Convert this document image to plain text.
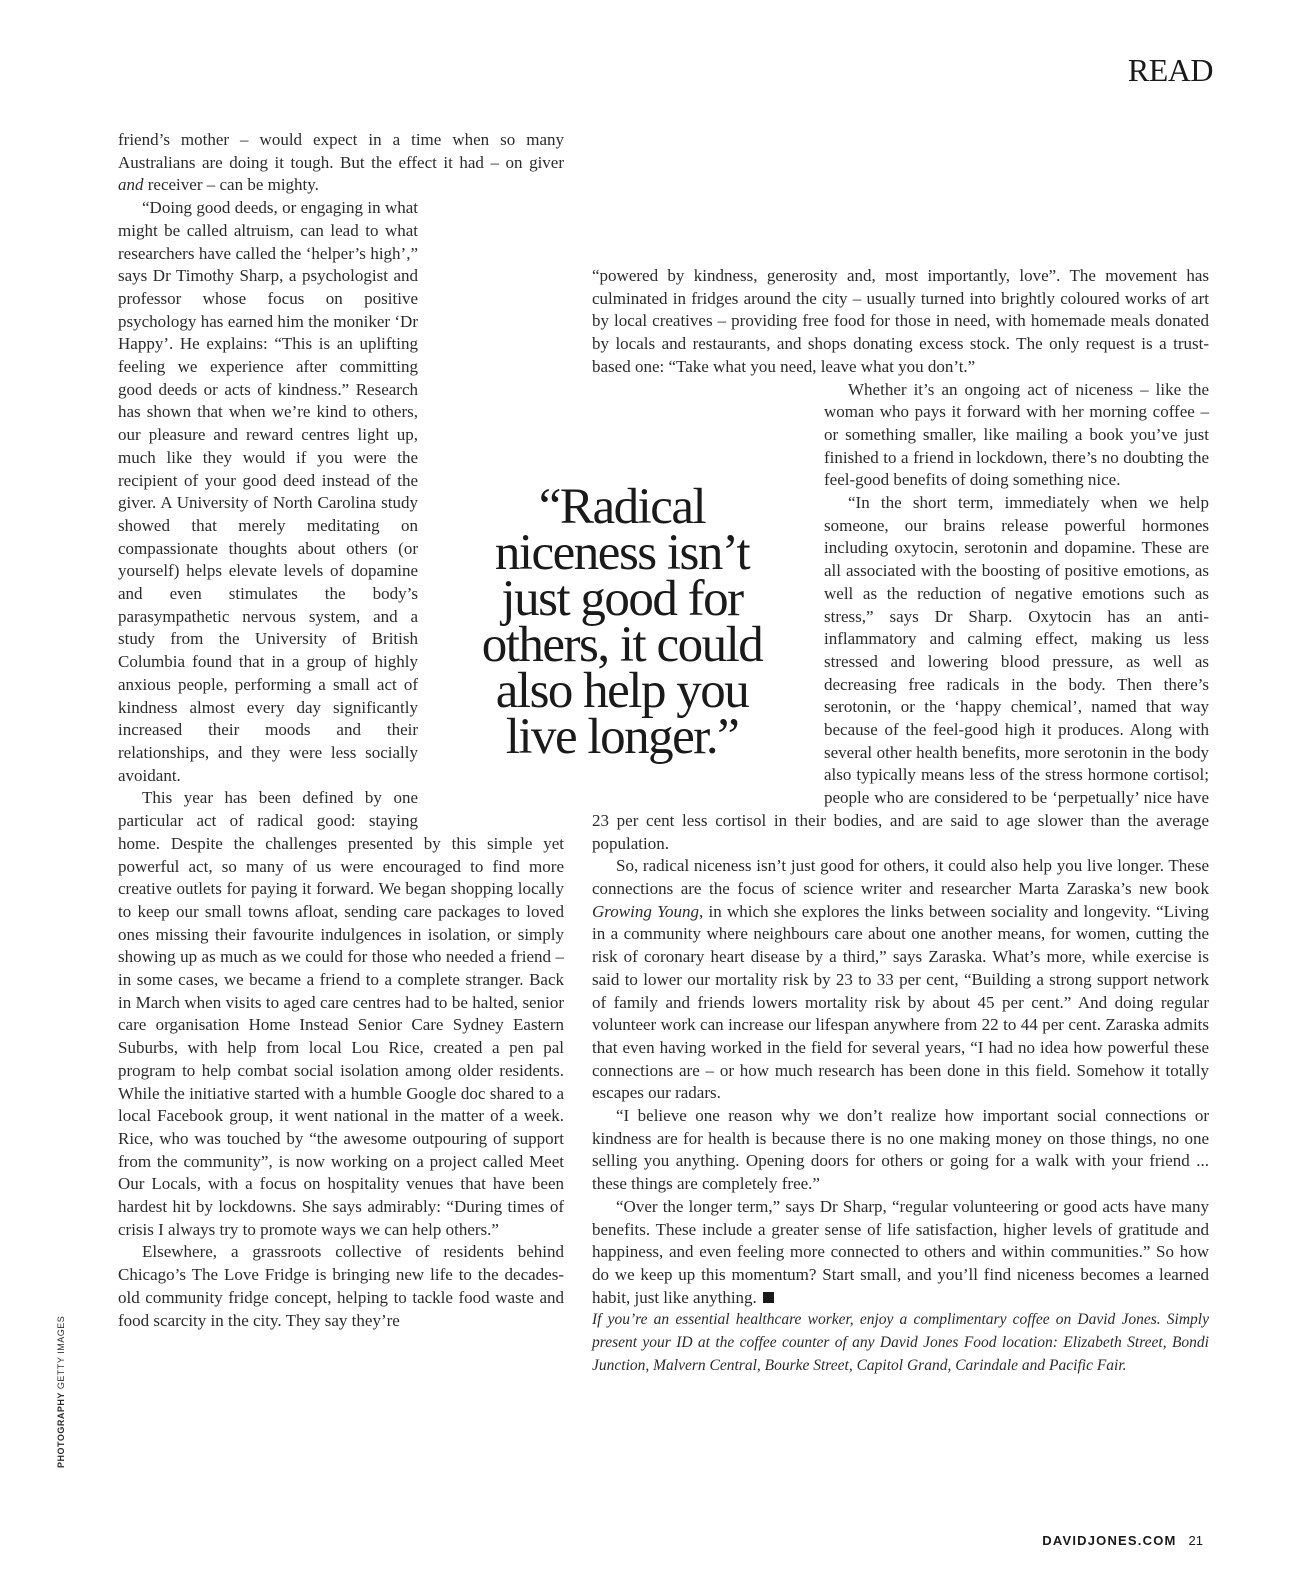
READ

friend’s mother – would expect in a time when so many Australians are doing it tough. But the effect it had – on giver and receiver – can be mighty.

“Doing good deeds, or engaging in what might be called altruism, can lead to what researchers have called the ‘helper’s high’,” says Dr Timothy Sharp, a psychologist and professor whose focus on positive psychology has earned him the moniker ‘Dr Happy’. He explains: “This is an uplifting feeling we experience after committing good deeds or acts of kindness.” Research has shown that when we’re kind to others, our pleasure and reward centres light up, much like they would if you were the recipient of your good deed instead of the giver. A University of North Carolina study showed that merely meditating on compassionate thoughts about others (or yourself) helps elevate levels of dopamine and even stimulates the body’s parasympathetic nervous system, and a study from the University of British Columbia found that in a group of highly anxious people, performing a small act of kindness almost every day significantly increased their moods and their relationships, and they were less socially avoidant.

This year has been defined by one particular act of radical good: staying home. Despite the challenges presented by this simple yet powerful act, so many of us were encouraged to find more creative outlets for paying it forward. We began shopping locally to keep our small towns afloat, sending care packages to loved ones missing their favourite indulgences in isolation, or simply showing up as much as we could for those who needed a friend – in some cases, we became a friend to a complete stranger. Back in March when visits to aged care centres had to be halted, senior care organisation Home Instead Senior Care Sydney Eastern Suburbs, with help from local Lou Rice, created a pen pal program to help combat social isolation among older residents. While the initiative started with a humble Google doc shared to a local Facebook group, it went national in the matter of a week. Rice, who was touched by “the awesome outpouring of support from the community”, is now working on a project called Meet Our Locals, with a focus on hospitality venues that have been hardest hit by lockdowns. She says admirably: “During times of crisis I always try to promote ways we can help others.”

Elsewhere, a grassroots collective of residents behind Chicago’s The Love Fridge is bringing new life to the decades-old community fridge concept, helping to tackle food waste and food scarcity in the city. They say they’re

“Radical niceness isn’t just good for others, it could also help you live longer.”

“powered by kindness, generosity and, most importantly, love”. The movement has culminated in fridges around the city – usually turned into brightly coloured works of art by local creatives – providing free food for those in need, with homemade meals donated by locals and restaurants, and shops donating excess stock. The only request is a trust-based one: “Take what you need, leave what you don’t.”

Whether it’s an ongoing act of niceness – like the woman who pays it forward with her morning coffee – or something smaller, like mailing a book you’ve just finished to a friend in lockdown, there’s no doubting the feel-good benefits of doing something nice.

“In the short term, immediately when we help someone, our brains release powerful hormones including oxytocin, serotonin and dopamine. These are all associated with the boosting of positive emotions, as well as the reduction of negative emotions such as stress,” says Dr Sharp. Oxytocin has an anti-inflammatory and calming effect, making us less stressed and lowering blood pressure, as well as decreasing free radicals in the body. Then there’s serotonin, or the ‘happy chemical’, named that way because of the feel-good high it produces. Along with several other health benefits, more serotonin in the body also typically means less of the stress hormone cortisol; people who are considered to be ‘perpetually’ nice have 23 per cent less cortisol in their bodies, and are said to age slower than the average population.

So, radical niceness isn’t just good for others, it could also help you live longer. These connections are the focus of science writer and researcher Marta Zaraska’s new book Growing Young, in which she explores the links between sociality and longevity. “Living in a community where neighbours care about one another means, for women, cutting the risk of coronary heart disease by a third,” says Zaraska. What’s more, while exercise is said to lower our mortality risk by 23 to 33 per cent, “Building a strong support network of family and friends lowers mortality risk by about 45 per cent.” And doing regular volunteer work can increase our lifespan anywhere from 22 to 44 per cent. Zaraska admits that even having worked in the field for several years, “I had no idea how powerful these connections are – or how much research has been done in this field. Somehow it totally escapes our radars.

“I believe one reason why we don’t realize how important social connections or kindness are for health is because there is no one making money on those things, no one selling you anything. Opening doors for others or going for a walk with your friend ... these things are completely free.”

“Over the longer term,” says Dr Sharp, “regular volunteering or good acts have many benefits. These include a greater sense of life satisfaction, higher levels of gratitude and happiness, and even feeling more connected to others and within communities.” So how do we keep up this momentum? Start small, and you’ll find niceness becomes a learned habit, just like anything.

If you’re an essential healthcare worker, enjoy a complimentary coffee on David Jones. Simply present your ID at the coffee counter of any David Jones Food location: Elizabeth Street, Bondi Junction, Malvern Central, Bourke Street, Capitol Grand, Carindale and Pacific Fair.

PHOTOGRAPHY GETTY IMAGES
DAVIDJONES.COM 21
